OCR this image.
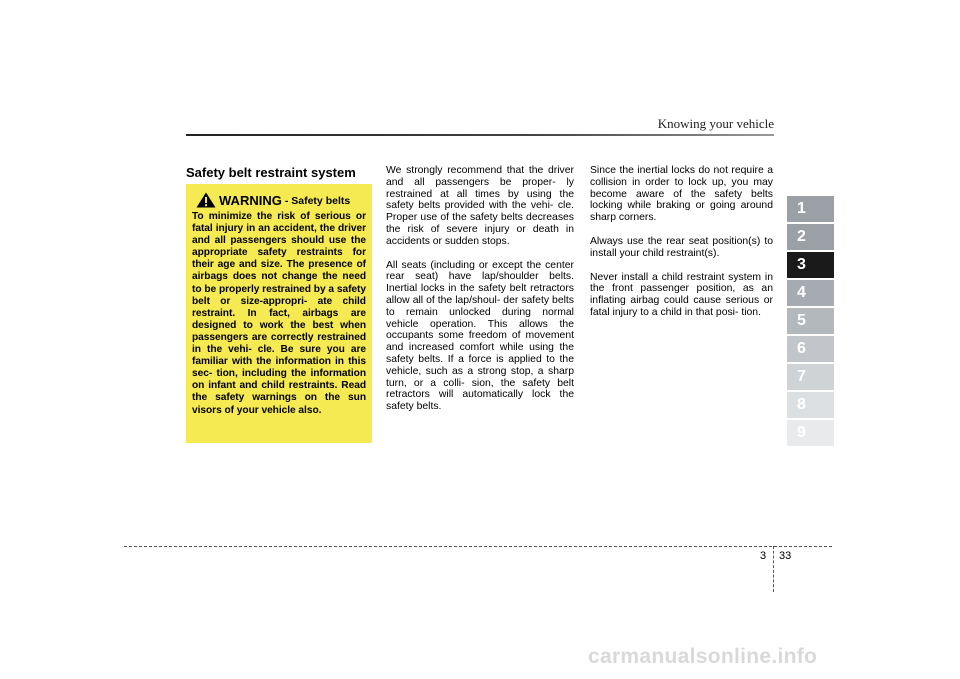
Knowing your vehicle
Safety belt restraint system
WARNING - Safety belts
To minimize the risk of serious or fatal injury in an accident, the driver and all passengers should use the appropriate safety restraints for their age and size. The presence of airbags does not change the need to be properly restrained by a safety belt or size-appropri- ate child restraint. In fact, airbags are designed to work the best when passengers are correctly restrained in the vehi- cle. Be sure you are familiar with the information in this sec- tion, including the information on infant and child restraints. Read the safety warnings on the sun visors of your vehicle also.

We strongly recommend that the driver and all passengers be proper- ly restrained at all times by using the safety belts provided with the vehi- cle. Proper use of the safety belts decreases the risk of severe injury or death in accidents or sudden stops.

All seats (including or except the center rear seat) have lap/shoulder belts. Inertial locks in the safety belt retractors allow all of the lap/shoul- der safety belts to remain unlocked during normal vehicle operation. This allows the occupants some freedom of movement and increased comfort while using the safety belts. If a force is applied to the vehicle, such as a strong stop, a sharp turn, or a colli- sion, the safety belt retractors will automatically lock the safety belts.

Since the inertial locks do not require a collision in order to lock up, you may become aware of the safety belts locking while braking or going around sharp corners.

Always use the rear seat position(s) to install your child restraint(s).

Never install a child restraint system in the front passenger position, as an inflating airbag could cause serious or fatal injury to a child in that posi- tion.

1
2
3
4
5
6
7
8
9
3 33
carmanualsonline.info
